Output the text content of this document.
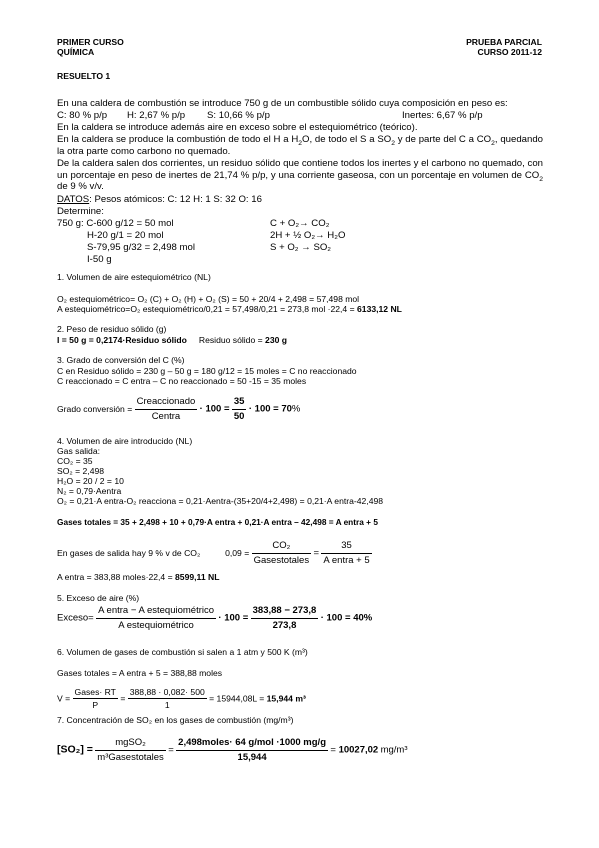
PRIMER CURSO
QUÍMICA
PRUEBA PARCIAL
CURSO 2011-12
RESUELTO 1
En una caldera de combustión se introduce 750 g de un combustible sólido cuya composición en peso es:
C: 80 % p/p H: 2,67 % p/p S: 10,66 % p/p	Inertes: 6,67 % p/p
En la caldera se introduce además aire en exceso sobre el estequiométrico (teórico).
En la caldera se produce la combustión de todo el H a $H_2O$, de todo el S a $SO_2$ y de parte del C a $CO_2$, quedando la otra parte como carbono no quemado.
De la caldera salen dos corrientes, un residuo sólido que contiene todos los inertes y el carbono no quemado, con un porcentaje en peso de inertes de 21,74 % p/p, y una corriente gaseosa, con un porcentaje en volumen de $CO_2$ de 9 % v/v.
DATOS: Pesos atómicos: C: 12 H: 1 S: 32 O: 16
Determine:
750 g: C-600 g/12 = 50 mol
H-20 g/1 = 20 mol
S-79,95 g/32 = 2,498 mol
I-50 g
C + O₂→ CO₂
2H + ½ O₂→ H₂O
S + O₂ → SO₂
1. Volumen de aire estequiométrico (NL)
O₂ estequiométrico= O₂ (C) + O₂ (H) + O₂ (S) = 50 + 20/4 + 2,498 = 57,498 mol
A estequiométrico=O₂ estequiométrico/0,21 = 57,498/0,21 = 273,8 mol ·22,4 = 6133,12 NL
2. Peso de residuo sólido (g)
I = 50 g = 0,2174·Residuo sólido Residuo sólido = 230 g
3. Grado de conversión del C (%)
C en Residuo sólido = 230 g – 50 g = 180 g/12 = 15 moles = C no reaccionado
C reaccionado = C entra – C no reaccionado = 50 -15 = 35 moles
Grado conversión = $\frac{\text{Creaccionado}}{\text{Centra}} \cdot 100 = \frac{35}{50} \cdot 100 = 70\%$
4. Volumen de aire introducido (NL)
Gas salida:
CO₂ = 35
SO₂ = 2,498
H₂O = 20 / 2 = 10
N₂ = 0,79·Aentra
O₂ = 0,21·A entra-O₂ reacciona = 0,21·Aentra-(35+20/4+2,498) = 0,21·A entra-42,498
Gases totales = 35 + 2,498 + 10 + 0,79·A entra + 0,21·A entra – 42,498 = A entra + 5
En gases de salida hay 9 % v de CO₂	$0,09 = \frac{\text{CO₂}}{\text{Gasestotales}} = \frac{35}{\text{A entra + 5}}$
A entra = 383,88 moles·22,4 = 8599,11 NL
5. Exceso de aire (%)
Exceso= $\frac{\text{A entra − A estequiométrico}}{\text{A estequiométrico}} \cdot 100 = \frac{383,88 - 273,8}{273,8} \cdot 100 = 40\%$
6. Volumen de gases de combustión si salen a 1 atm y 500 K (m³)
Gases totales = A entra + 5 = 388,88 moles
$V = \frac{\text{Gases· RT}}{P} = \frac{388,88 \cdot 0,082\cdot 500}{1} = 15944,08L = 15,944$ m³
7. Concentración de SO₂ en los gases de combustión (mg/m³)
$[SO_2] = \frac{\text{mgSO₂}}{\text{m³Gasestotales}} = \frac{\text{2,498moles· 64 g/mol ·1000 mg/g}}{15,944} = 10027,02$ mg/m³
